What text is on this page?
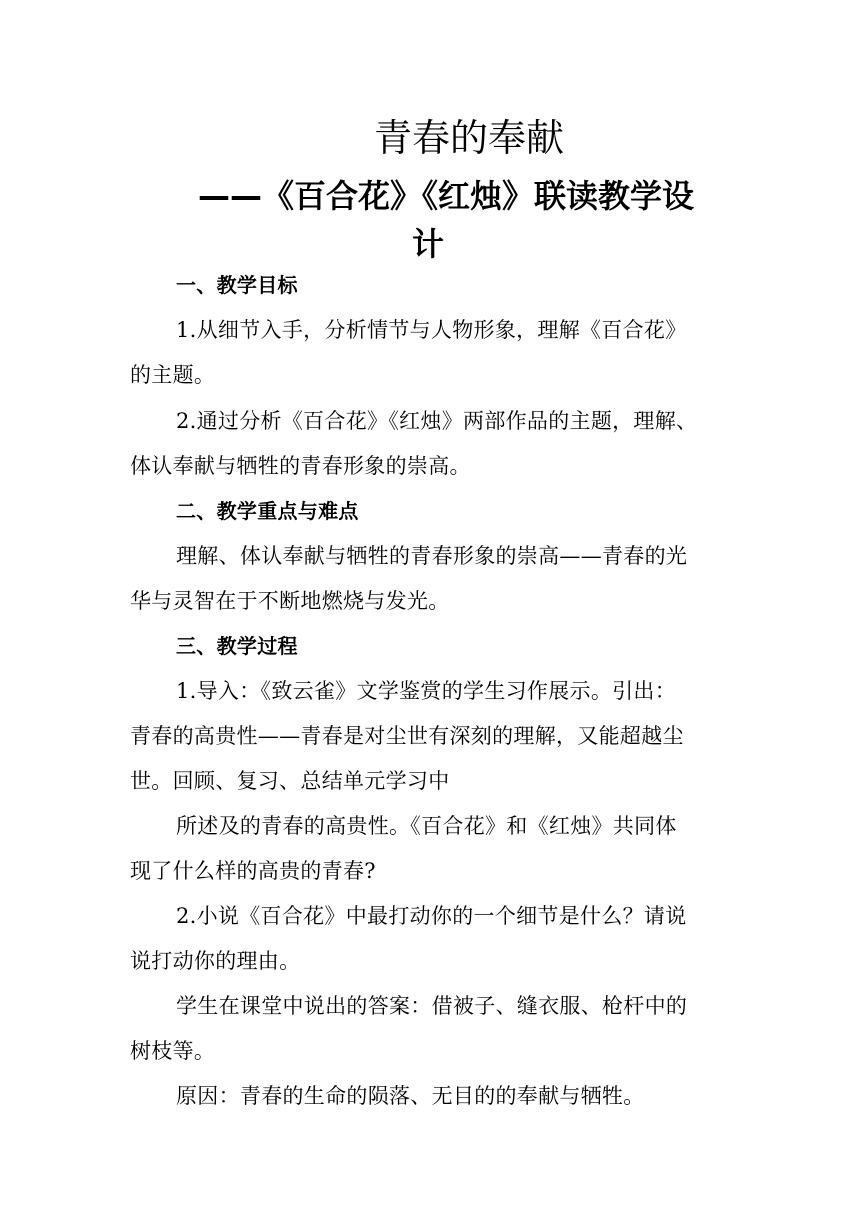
青春的奉献
——《百合花》《红烛》联读教学设
计
一、教学目标
1.从细节入手，分析情节与人物形象，理解《百合花》
的主题。
2.通过分析《百合花》《红烛》两部作品的主题，理解、
体认奉献与牺牲的青春形象的崇高。
二、教学重点与难点
理解、体认奉献与牺牲的青春形象的崇高——青春的光
华与灵智在于不断地燃烧与发光。
三、教学过程
1.导入：《致云雀》文学鉴赏的学生习作展示。引出：
青春的高贵性——青春是对尘世有深刻的理解，又能超越尘
世。回顾、复习、总结单元学习中
所述及的青春的高贵性。《百合花》和《红烛》共同体
现了什么样的高贵的青春?
2.小说《百合花》中最打动你的一个细节是什么？请说
说打动你的理由。
学生在课堂中说出的答案：借被子、缝衣服、枪杆中的
树枝等。
原因：青春的生命的陨落、无目的的奉献与牺牲。
